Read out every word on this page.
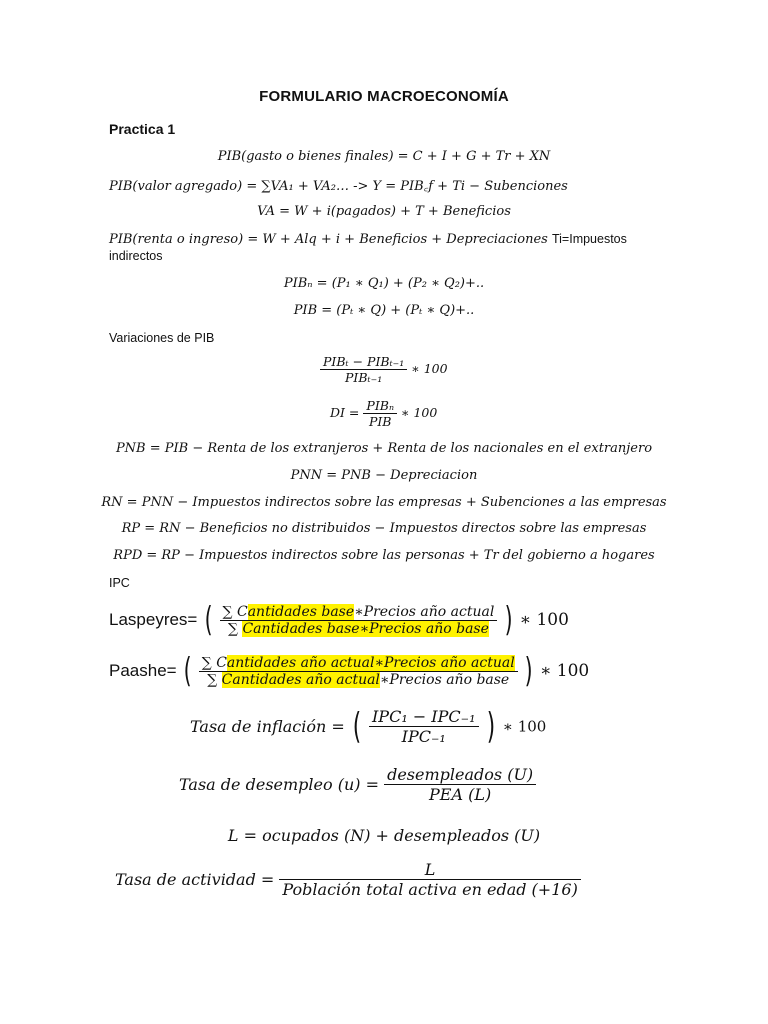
FORMULARIO MACROECONOMÍA
Practica 1
PIB(gasto o bienes finales) = C + I + G + Tr + XN
PIB(valor agregado) = ∑VA₁ + VA₂… -> Y = PIB꜀f + Ti − Subenciones
VA = W + i(pagados) + T + Beneficios
PIB(renta o ingreso) = W + Alq + i + Beneficios + Depreciaciones Ti=Impuestos
indirectos
PIBₙ = (P₁ ∗ Q₁) + (P₂ ∗ Q₂)+..
PIB = (Pₜ ∗ Q) + (Pₜ ∗ Q)+..
Variaciones de PIB
$\frac{\text{PIBₜ − PIBₜ₋₁}}{\text{PIBₜ₋₁}}$ ∗ 100
DI = $\frac{\text{PIBₙ}}{\text{PIB}}$ ∗ 100
PNB = PIB − Renta de los extranjeros + Renta de los nacionales en el extranjero
PNN = PNB − Depreciacion
RN = PNN − Impuestos indirectos sobre las empresas + Subenciones a las empresas
RP = RN − Beneficios no distribuidos − Impuestos directos sobre las empresas
RPD = RP − Impuestos indirectos sobre las personas + Tr del gobierno a hogares
IPC
Laspeyres= ( $\frac{\text{∑ Cantidades base∗Precios año actual}}{\text{∑ Cantidades base∗Precios año base}}$ ) ∗ 100
Paashe= ( $\frac{\text{∑ Cantidades año actual∗Precios año actual}}{\text{∑ Cantidades año actual∗Precios año base}}$ ) ∗ 100
Tasa de inflación = ( $\frac{\text{IPC₁ − IPC₋₁}}{\text{IPC₋₁}}$ ) ∗ 100
Tasa de desempleo $(u) = \frac{\text{desempleados (U)}}{\text{PEA (L)}}$
L = ocupados (N) + desempleados (U)
Tasa de actividad = $\frac{L}{\text{Población total activa en edad (+16)}}$
